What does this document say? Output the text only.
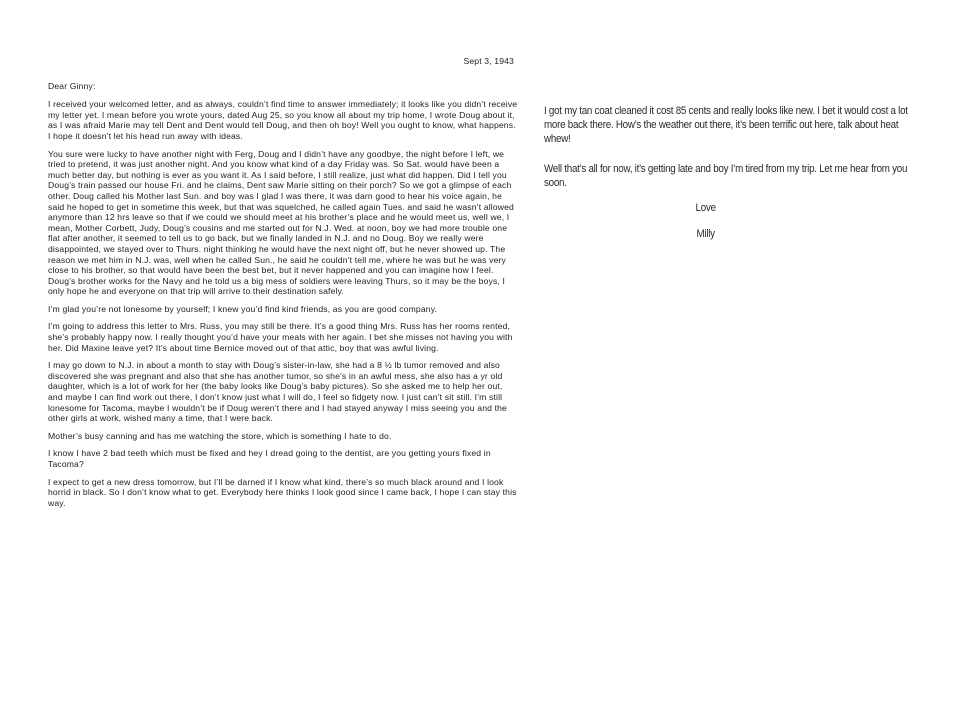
Sept 3, 1943

Dear Ginny:

I received your welcomed letter, and as always, couldn’t find time to answer immediately; it looks like you didn’t receive my letter yet. I mean before you wrote yours, dated Aug 25, so you know all about my trip home, I wrote Doug about it, as I was afraid Marie may tell Dent and Dent would tell Doug, and then oh boy! Well you ought to know, what happens. I hope it doesn’t let his head run away with ideas.

You sure were lucky to have another night with Ferg, Doug and I didn’t have any goodbye, the night before I left, we tried to pretend, it was just another night. And you know what kind of a day Friday was. So Sat. would have been a much better day, but nothing is ever as you want it. As I said before, I still realize, just what did happen. Did I tell you Doug’s train passed our house Fri. and he claims, Dent saw Marie sitting on their porch? So we got a glimpse of each other. Doug called his Mother last Sun. and boy was I glad I was there, it was darn good to hear his voice again, he said he hoped to get in sometime this week, but that was squelched, he called again Tues. and said he wasn’t allowed anymore than 12 hrs leave so that if we could we should meet at his brother’s place and he would meet us, well we, I mean, Mother Corbett, Judy, Doug’s cousins and me started out for N.J. Wed. at noon, boy we had more trouble one flat after another, it seemed to tell us to go back, but we finally landed in N.J. and no Doug. Boy we really were disappointed, we stayed over to Thurs. night thinking he would have the next night off, but he never showed up. The reason we met him in N.J. was, well when he called Sun., he said he couldn’t tell me, where he was but he was very close to his brother, so that would have been the best bet, but it never happened and you can imagine how I feel. Doug’s brother works for the Navy and he told us a big mess of soldiers were leaving Thurs, so it may be the boys, I only hope he and everyone on that trip will arrive to their destination safely.

I’m glad you’re not lonesome by yourself; I knew you’d find kind friends, as you are good company.

I’m going to address this letter to Mrs. Russ, you may still be there. It’s a good thing Mrs. Russ has her rooms rented, she’s probably happy now. I really thought you’d have your meals with her again. I bet she misses not having you with her. Did Maxine leave yet? It’s about time Bernice moved out of that attic, boy that was awful living.

I may go down to N.J. in about a month to stay with Doug’s sister-in-law, she had a 8 ½ lb tumor removed and also discovered she was pregnant and also that she has another tumor, so she’s in an awful mess, she also has a yr old daughter, which is a lot of work for her (the baby looks like Doug’s baby pictures). So she asked me to help her out, and maybe I can find work out there, I don’t know just what I will do, I feel so fidgety now. I just can’t sit still. I’m still lonesome for Tacoma, maybe I wouldn’t be if Doug weren’t there and I had stayed anyway I miss seeing you and the other girls at work, wished many a time, that I were back.

Mother’s busy canning and has me watching the store, which is something I hate to do.

I know I have 2 bad teeth which must be fixed and hey I dread going to the dentist, are you getting yours fixed in Tacoma?

I expect to get a new dress tomorrow, but I’ll be darned if I know what kind, there’s so much black around and I look horrid in black. So I don’t know what to get. Everybody here thinks I look good since I came back, I hope I can stay this way.

I got my tan coat cleaned it cost 85 cents and really looks like new. I bet it would cost a lot more back there. How’s the weather out there, it’s been terrific out here, talk about heat whew!

Well that’s all for now, it’s getting late and boy I’m tired from my trip. Let me hear from you soon.

Love

Milly
